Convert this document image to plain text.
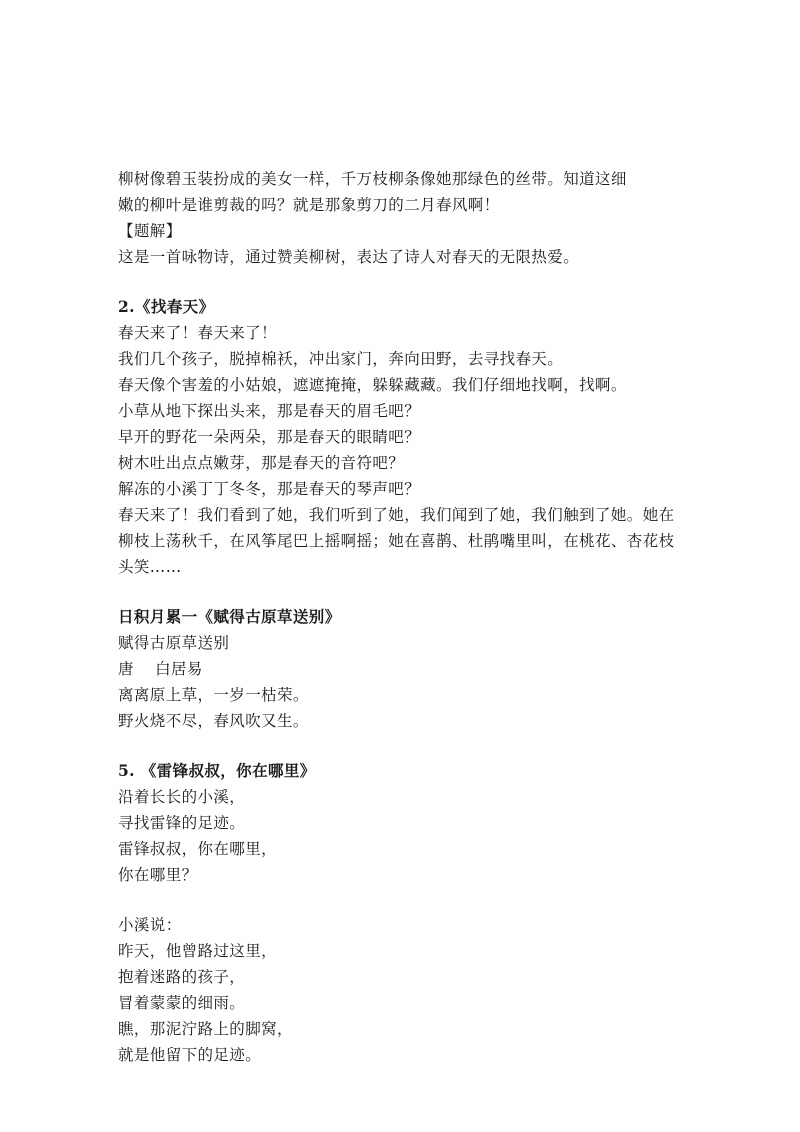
柳树像碧玉装扮成的美女一样，千万枝柳条像她那绿色的丝带。知道这细
嫩的柳叶是谁剪裁的吗？就是那象剪刀的二月春风啊！
【题解】
这是一首咏物诗，通过赞美柳树，表达了诗人对春天的无限热爱。
2.《找春天》
春天来了！春天来了！
我们几个孩子，脱掉棉袄，冲出家门，奔向田野，去寻找春天。
春天像个害羞的小姑娘，遮遮掩掩，躲躲藏藏。我们仔细地找啊，找啊。
小草从地下探出头来，那是春天的眉毛吧？
早开的野花一朵两朵，那是春天的眼睛吧？
树木吐出点点嫩芽，那是春天的音符吧？
解冻的小溪丁丁冬冬，那是春天的琴声吧？
春天来了！我们看到了她，我们听到了她，我们闻到了她，我们触到了她。她在
柳枝上荡秋千，在风筝尾巴上摇啊摇；她在喜鹊、杜鹃嘴里叫，在桃花、杏花枝
头笑……
日积月累一《赋得古原草送别》
赋得古原草送别
唐　 白居易
离离原上草，一岁一枯荣。
野火烧不尽，春风吹又生。
5. 《雷锋叔叔，你在哪里》
沿着长长的小溪，
寻找雷锋的足迹。
雷锋叔叔，你在哪里，
你在哪里？
小溪说：
昨天，他曾路过这里，
抱着迷路的孩子，
冒着蒙蒙的细雨。
瞧，那泥泞路上的脚窝，
就是他留下的足迹。
